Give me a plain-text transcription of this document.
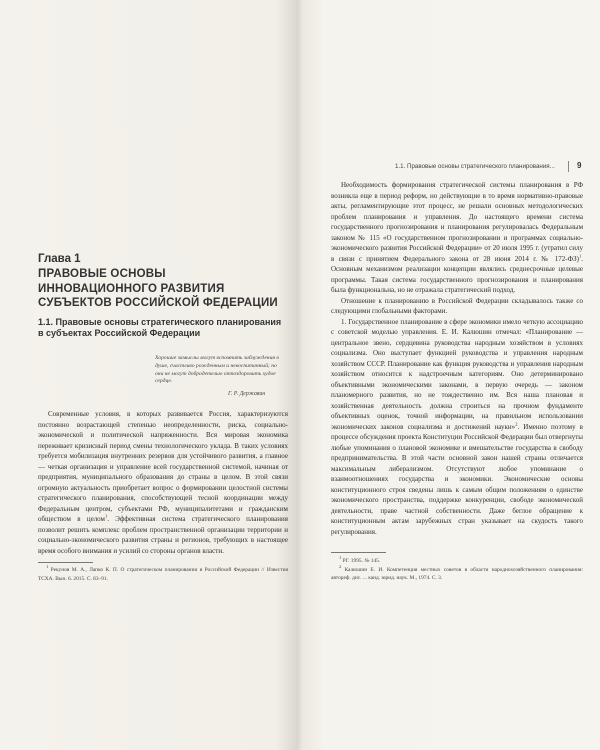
Глава 1
ПРАВОВЫЕ ОСНОВЫ ИННОВАЦИОННОГО РАЗВИТИЯ СУБЪЕКТОВ РОССИЙСКОЙ ФЕДЕРАЦИИ
1.1. Правовые основы стратегического планирования в субъектах Российской Федерации
Хорошие замыслы могут вспомнить заблуждения в душе, счастливо рожденным и невоспитанный; но они не могут добродетелью отпоздоровить худое сердце.
Г. Р. Державин

Современные условия, в которых развивается Россия, характеризуются постоянно возрастающей степенью неопределенности, риска, социально-экономической и политической напряженности. Вся мировая экономика переживает кризисный период смены технологического уклада. В таких условиях требуется мобилизация внутренних резервов для устойчивого развития, а главное — четкая организация и управление всей государственной системой, начиная от предприятия, муниципального образования до страны в целом. В этой связи огромную актуальность приобретает вопрос о формировании целостной системы стратегического планирования, способствующей тесной координации между Федеральным центром, субъектами РФ, муниципалитетами и гражданским обществом в целом$^1$. Эффективная система стратегического планирования позволит решить комплекс проблем пространственной организации территории и социально-экономического развития страны и регионов, требующих в настоящее время особого внимания и усилий со стороны органов власти.

$^1$ Рекунов М. А., Лапко К. П. О стратегическом планировании в Российской Федерации // Известия ТСХА. Вып. 6. 2015. С. 83–91.

1.1. Правовые основы стратегического планирования...	9

Необходимость формирования стратегической системы планирования в РФ возникла еще в период реформ, но действующие в то время нормативно-правовые акты, регламентирующие этот процесс, не решали основных методологических проблем планирования и управления. До настоящего времени система государственного прогнозирования и планирования регулировалась Федеральным законом № 115 «О государственном прогнозировании и программах социально-экономического развития Российской Федерации» от 20 июля 1995 г. (утратил силу в связи с принятием Федерального закона от 28 июня 2014 г. № 172-ФЗ)$^1$. Основным механизмом реализации концепции являлись среднесрочные целевые программы. Такая система государственного прогнозирования и планирования была функциональна, но не отражала стратегический подход.

Отношение к планированию в Российской Федерации складывалось также со следующими глобальными факторами.

1. Государственное планирование в сфере экономики имело четкую ассоциацию с советской моделью управления. Е. И. Калюшин отмечал: «Планирование — центральное звено, сердцевина руководства народным хозяйством в условиях социализма. Оно выступает функцией руководства и управления народным хозяйством СССР. Планирование как функция руководства и управления народным хозяйством относится к надстроечным категориям. Оно детерминировано объективными экономическими законами, в первую очередь — законом планомерного развития, но не тождественно им. Вся наша плановая и хозяйственная деятельность должна строиться на прочном фундаменте объективных оценок, точной информации, на правильном использовании экономических законов социализма и достижений науки»$^2$. Именно поэтому в процессе обсуждения проекта Конституции Российской Федерации был отвергнуты любые упоминания о плановой экономике и вмешательстве государства в свободу предпринимательства. В этой части основной закон нашей страны отличается максимальным либерализмом. Отсутствуют любое упоминание о взаимоотношениях государства и экономики. Экономические основы конституционного строя сведены лишь к самым общим положениям о единстве экономического пространства, поддержке конкуренции, свободе экономической деятельности, праве частной собственности. Даже беглое обращение к конституционным актам зарубежных стран указывает на скудость такого регулирования.

$^1$ РГ. 1995. № 145.

$^2$ Калюшин Е. И. Компетенция местных советов в области народнохозяйственного планирования: автореф. дис. ... канд. юрид. наук. М., 1974. С. 3.
